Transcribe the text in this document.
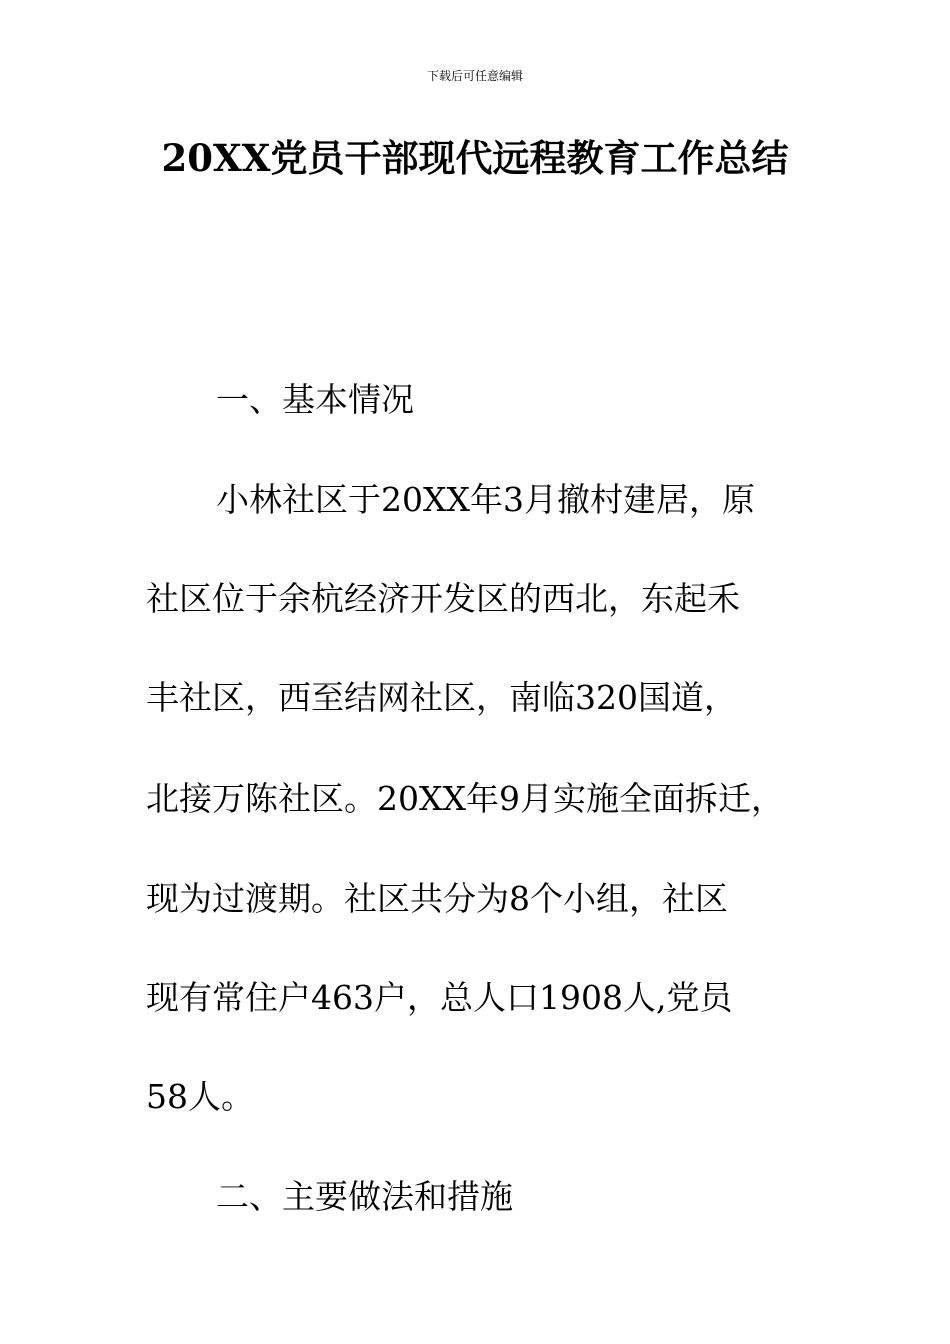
下载后可任意编辑
20XX党员干部现代远程教育工作总结

一、基本情况

小林社区于20XX年3月撤村建居，原

社区位于余杭经济开发区的西北，东起禾

丰社区，西至结网社区，南临320国道，

北接万陈社区。20XX年9月实施全面拆迁，

现为过渡期。社区共分为8个小组，社区

现有常住户463户，总人口1908人,党员

58人。

二、主要做法和措施
